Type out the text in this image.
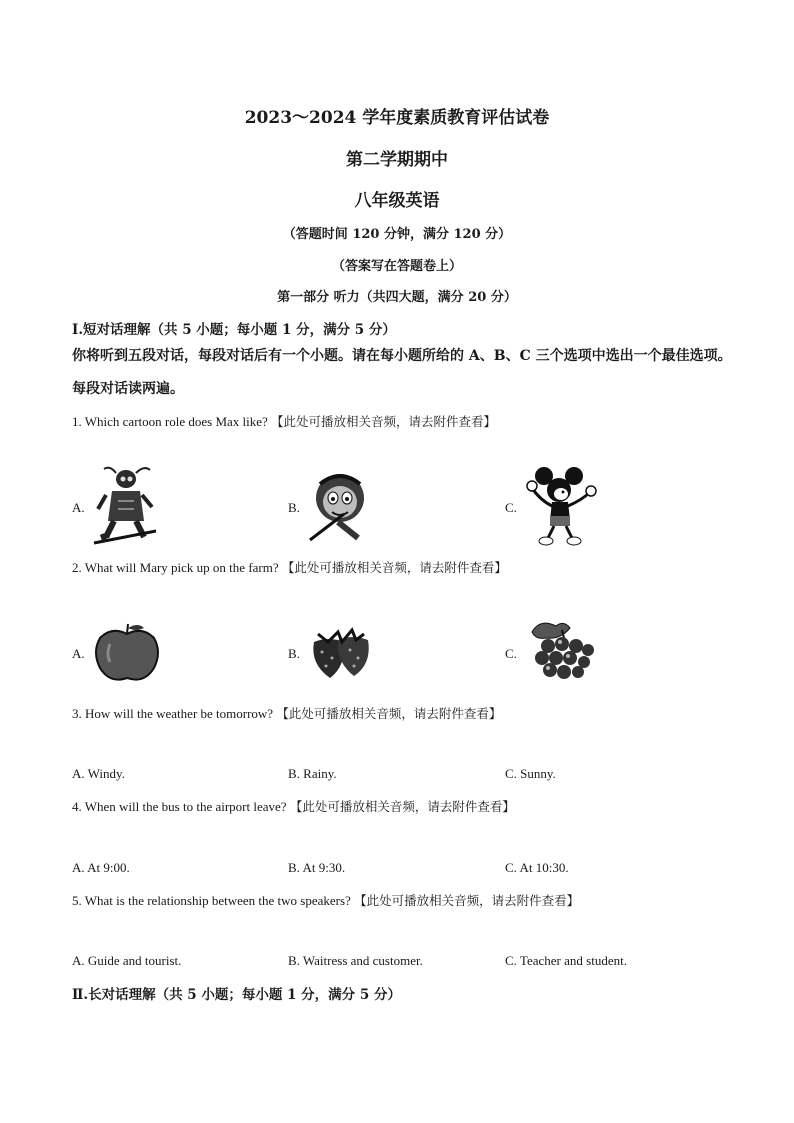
2023～2024 学年度素质教育评估试卷
第二学期期中
八年级英语
（答题时间 120 分钟，满分 120 分）
（答案写在答题卷上）
第一部分 听力（共四大题，满分 20 分）
Ⅰ.短对话理解（共 5 小题；每小题 1 分，满分 5 分）
你将听到五段对话，每段对话后有一个小题。请在每小题所给的 A、B、C 三个选项中选出一个最佳选项。每段对话读两遍。
1. Which cartoon role does Max like? 【此处可播放相关音频，请去附件查看】
A.	B.	C.
2. What will Mary pick up on the farm? 【此处可播放相关音频，请去附件查看】
A.	B.	C.
3. How will the weather be tomorrow? 【此处可播放相关音频，请去附件查看】
A. Windy.	B. Rainy.	C. Sunny.
4. When will the bus to the airport leave? 【此处可播放相关音频，请去附件查看】
A. At 9:00.	B. At 9:30.	C. At 10:30.
5. What is the relationship between the two speakers? 【此处可播放相关音频，请去附件查看】
A. Guide and tourist.	B. Waitress and customer.	C. Teacher and student.
Ⅱ.长对话理解（共 5 小题；每小题 1 分，满分 5 分）
